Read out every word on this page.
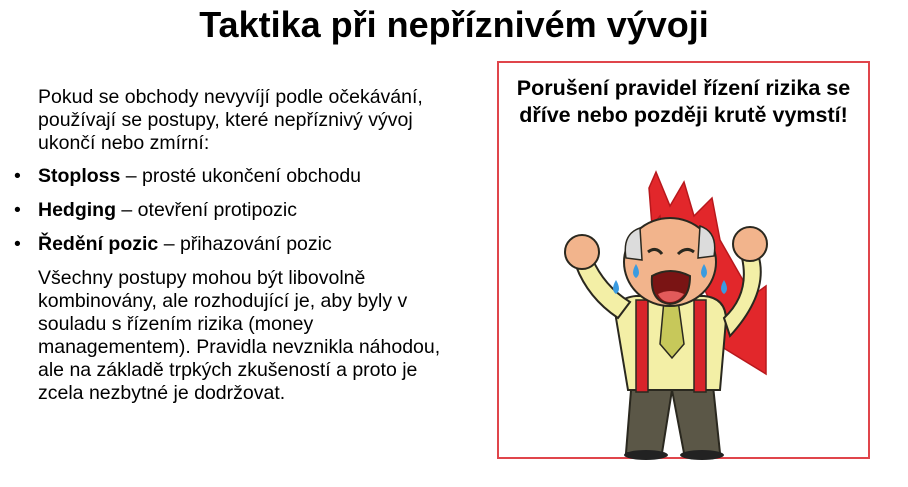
Taktika při nepříznivém vývoji
Pokud se obchody nevyvíjí podle očekávání, používají se postupy, které nepříznivý vývoj ukončí nebo zmírní:
• Stoploss – prosté ukončení obchodu
• Hedging – otevření protipozic
• Ředění pozic – přihazování pozic
Všechny postupy mohou být libovolně kombinovány, ale rozhodující je, aby byly v souladu s řízením rizika (money managementem). Pravidla nevznikla náhodou, ale na základě trpkých zkušeností a proto je zcela nezbytné je dodržovat.
Porušení pravidel řízení rizika se dříve nebo později krutě vymstí!
